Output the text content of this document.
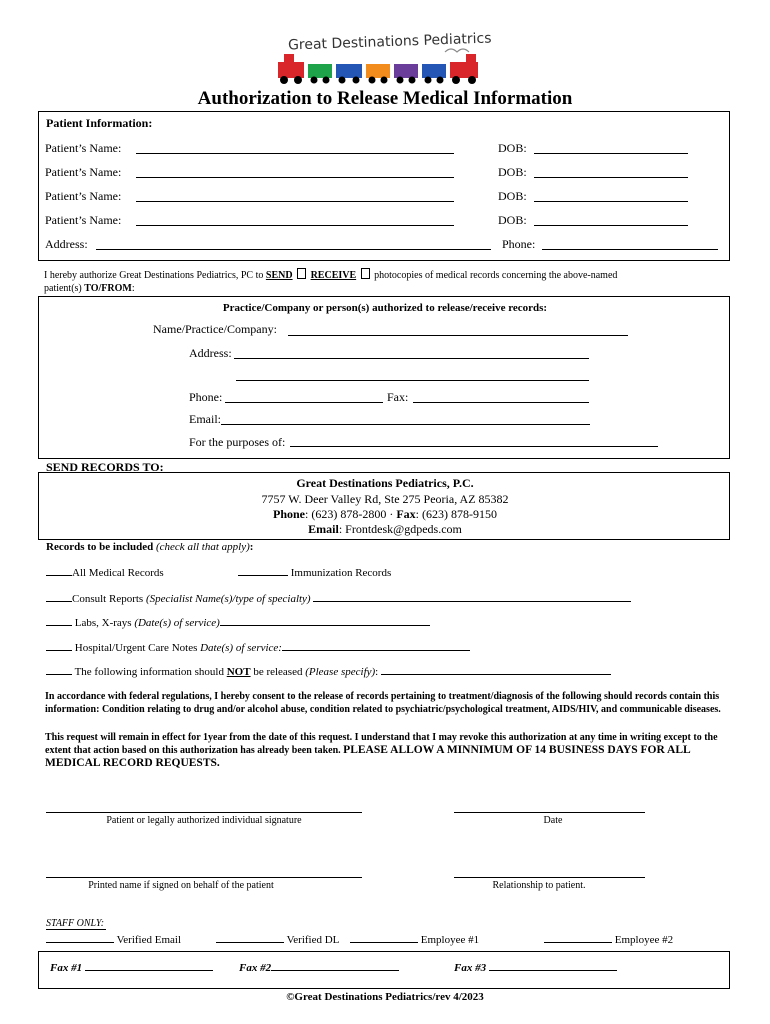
Great Destinations Pediatrics
Authorization to Release Medical Information
Patient Information:
Patient’s Name:	DOB:
Patient’s Name:	DOB:
Patient’s Name:	DOB:
Patient’s Name:	DOB:
Address:	Phone:
I hereby authorize Great Destinations Pediatrics, PC to SEND RECEIVE photocopies of medical records concerning the above-named
patient(s) TO/FROM:
Practice/Company or person(s) authorized to release/receive records:
Name/Practice/Company:
Address:
Phone:	Fax:
Email:
For the purposes of:
SEND RECORDS TO:
Great Destinations Pediatrics, P.C.
7757 W. Deer Valley Rd, Ste 275 Peoria, AZ 85382
Phone: (623) 878-2800 · Fax: (623) 878-9150
Email: Frontdesk@gdpeds.com
Records to be included (check all that apply):
All Medical Records	Immunization Records
Consult Reports (Specialist Name(s)/type of specialty)
Labs, X-rays (Date(s) of service)
Hospital/Urgent Care Notes Date(s) of service:
The following information should NOT be released (Please specify):
In accordance with federal regulations, I hereby consent to the release of records pertaining to treatment/diagnosis of the following should records contain this information: Condition relating to drug and/or alcohol abuse, condition related to psychiatric/psychological treatment, AIDS/HIV, and communicable diseases.
This request will remain in effect for 1year from the date of this request. I understand that I may revoke this authorization at any time in writing except to the extent that action based on this authorization has already been taken. PLEASE ALLOW A MINNIMUM OF 14 BUSINESS DAYS FOR ALL MEDICAL RECORD REQUESTS.
Patient or legally authorized individual signature	Date
Printed name if signed on behalf of the patient	Relationship to patient.
STAFF ONLY:
Verified Email	Verified DL	Employee #1	Employee #2
Fax #1	Fax #2	Fax #3
©Great Destinations Pediatrics/rev 4/2023
